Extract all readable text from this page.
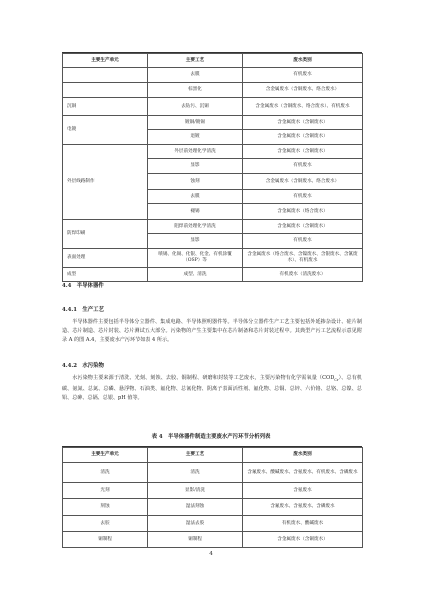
主要生产单元	主要工艺	废水类别
	去膜	有机废水
	棕黑化	含金属废水（含铜废水、络合废水）
沉铜	去钻污、沉铜	含金属废水（含铜废水、络合废水）、有机废水
电镀	镀铜/镀锡	含金属废水（含铜废水）
	退镀	含金属废水（含铜废水）
外层线路制作	外层前处理化学清洗	含金属废水（含铜废水）
	显影	有机废水
	蚀刻	含金属废水（含铜废水、络合废水）
	去膜	有机废水
	褪锡	含金属废水（络合废水）
防焊印刷	阻焊前处理化学清洗	含金属废水（含铜废水）
	显影	有机废水
表面处理	喷锡、化锡、化银、化金、有机涂覆（OSP）等	含金属废水（络合废水、含镍废水、含银废水、含氰废水）、有机废水
成型	成型、清洗	有机废水（清洗废水）
4.4　半导体器件
4.4.1　生产工艺

半导体器件主要包括半导体分立器件、集成电路、半导体照明器件等。半导体分立器件生产工艺主要包括外延掺杂设计、硅片制造、芯片制造、芯片封装、芯片测试五大部分。污染物的产生主要集中在芯片制备和芯片封装过程中。其典型产污工艺流程示意见附录 A 的图 A.4，主要废水产污环节如表 4 所示。

4.4.2　水污染物

水污染物主要来源于清洗、光刻、刻蚀、去胶、铜制程、研磨和封装等工艺废水，主要污染物有化学需氧量$(COD_{Cr})$、总有机碳、氨氮、总氮、总磷、悬浮物、石油类、氟化物、总氰化物、阴离子表面活性剂、氟化物、总铜、总锌、六价铬、总铬、总镍、总铅、总砷、总镉、总银、pH 值等。

表 4　半导体器件制造主要废水产污环节分析列表
主要生产单元	主要工艺	废水类别
清洗	清洗	含氟废水、酸碱废水、含氨废水、有机废水、含磷废水
光刻	显影/清洗	含氨废水
刻蚀	湿法刻蚀	含氟废水、含氨废水、含磷废水
去胶	湿法去胶	有机废水、酸碱废水
铜制程	铜制程	含金属废水（含铜废水）
4
